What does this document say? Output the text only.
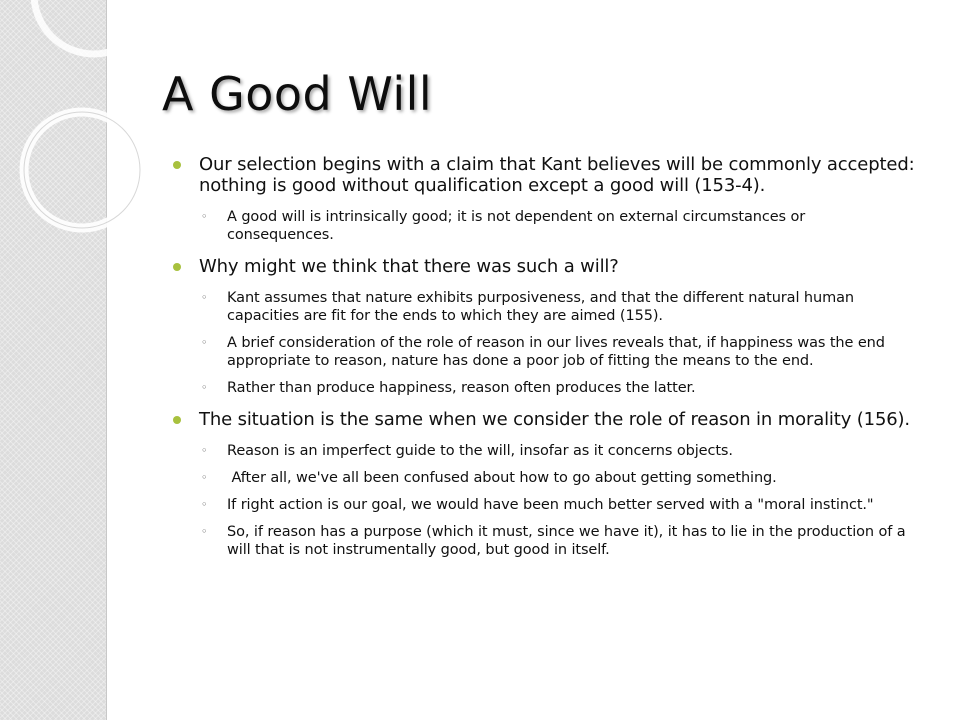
A Good Will
Our selection begins with a claim that Kant believes will be commonly accepted: nothing is good without qualification except a good will (153-4).
◦ A good will is intrinsically good; it is not dependent on external circumstances or consequences.
Why might we think that there was such a will?
◦ Kant assumes that nature exhibits purposiveness, and that the different natural human capacities are fit for the ends to which they are aimed (155).
◦ A brief consideration of the role of reason in our lives reveals that, if happiness was the end appropriate to reason, nature has done a poor job of fitting the means to the end.
◦ Rather than produce happiness, reason often produces the latter.
The situation is the same when we consider the role of reason in morality (156).
◦ Reason is an imperfect guide to the will, insofar as it concerns objects.
◦ After all, we've all been confused about how to go about getting something.
◦ If right action is our goal, we would have been much better served with a "moral instinct."
◦ So, if reason has a purpose (which it must, since we have it), it has to lie in the production of a will that is not instrumentally good, but good in itself.
